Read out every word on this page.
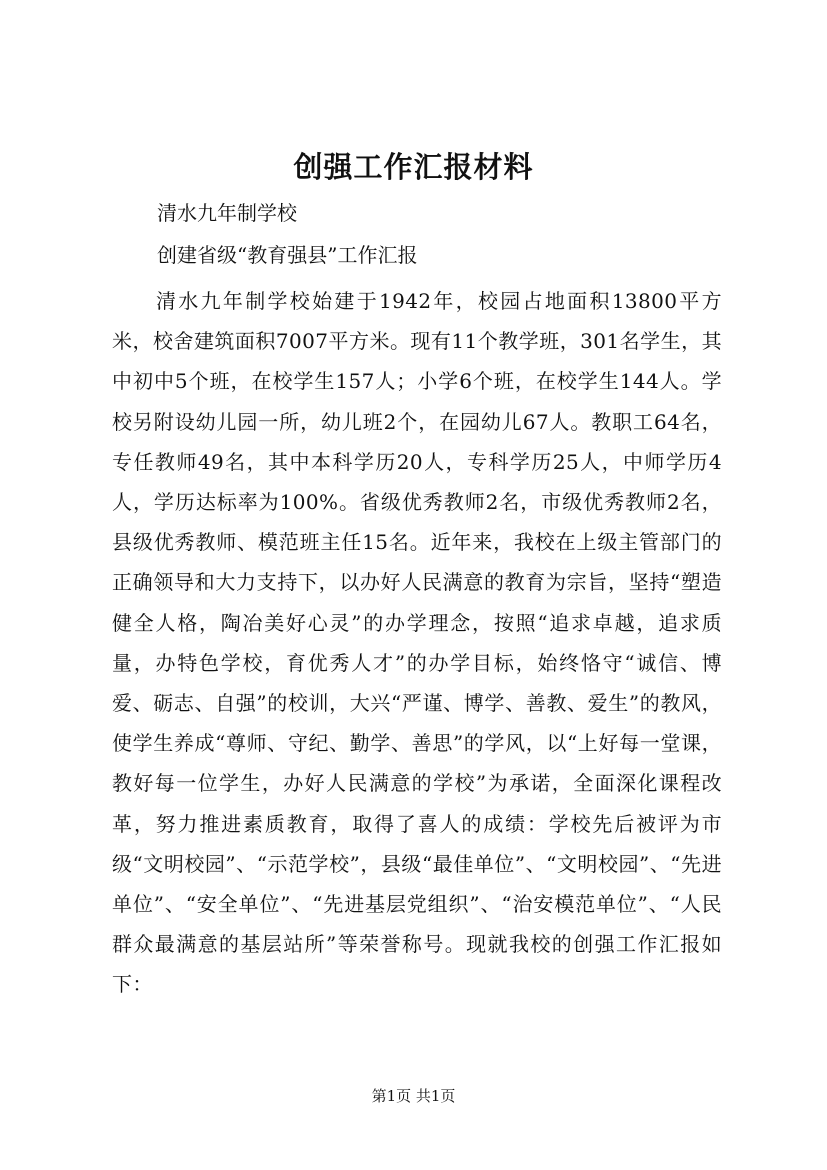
创强工作汇报材料

清水九年制学校

创建省级“教育强县”工作汇报

清水九年制学校始建于1942年，校园占地面积13800平方米，校舍建筑面积7007平方米。现有11个教学班，301名学生，其中初中5个班，在校学生157人；小学6个班，在校学生144人。学校另附设幼儿园一所，幼儿班2个，在园幼儿67人。教职工64名，专任教师49名，其中本科学历20人，专科学历25人，中师学历4人，学历达标率为100%。省级优秀教师2名，市级优秀教师2名，县级优秀教师、模范班主任15名。近年来，我校在上级主管部门的正确领导和大力支持下，以办好人民满意的教育为宗旨，坚持“塑造健全人格，陶冶美好心灵”的办学理念，按照“追求卓越，追求质量，办特色学校，育优秀人才”的办学目标，始终恪守“诚信、博爱、砺志、自强”的校训，大兴“严谨、博学、善教、爱生”的教风，使学生养成“尊师、守纪、勤学、善思”的学风，以“上好每一堂课，教好每一位学生，办好人民满意的学校”为承诺，全面深化课程改革，努力推进素质教育，取得了喜人的成绩：学校先后被评为市级“文明校园”、“示范学校”，县级“最佳单位”、“文明校园”、“先进单位”、“安全单位”、“先进基层党组织”、“治安模范单位”、“人民群众最满意的基层站所”等荣誉称号。现就我校的创强工作汇报如下：

第1页 共1页
